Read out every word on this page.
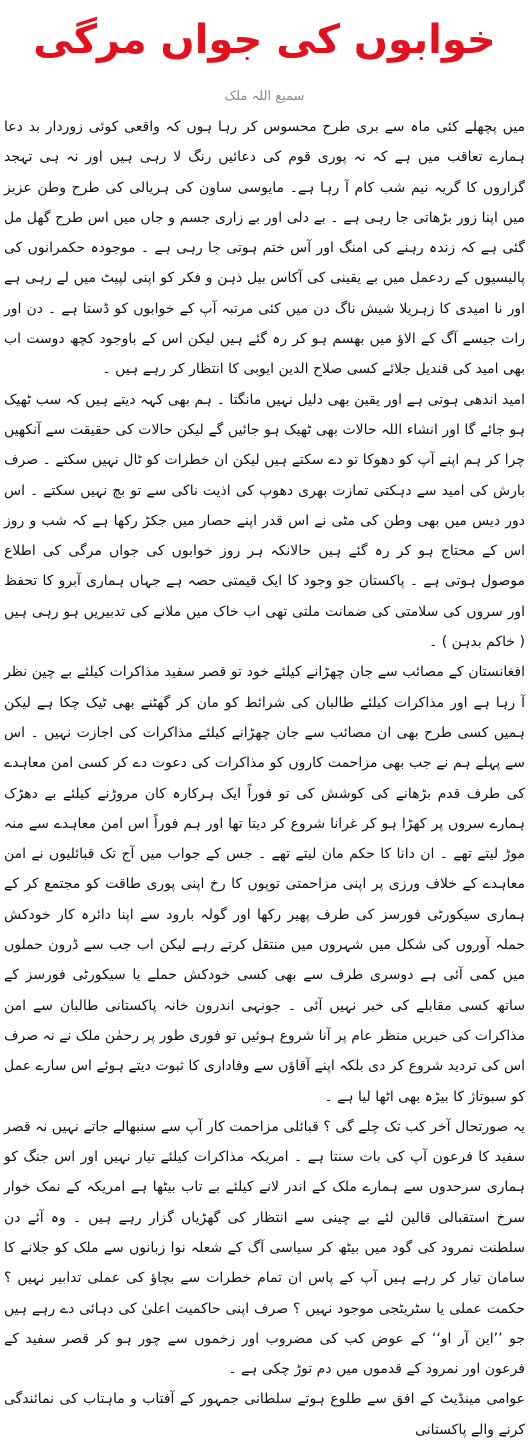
خوابوں کی جواں مرگی
سمیع اللہ ملک

میں پچھلے کئی ماہ سے بری طرح محسوس کر رہا ہوں کہ واقعی کوئی زوردار بد دعا ہمارے تعاقب میں ہے کہ نہ پوری قوم کی دعائیں رنگ لا رہی ہیں اور نہ ہی تہجد گزاروں کا گریہ نیم شب کام آ رہا ہے۔ مایوسی ساون کی ہریالی کی طرح وطن عزیز میں اپنا زور بڑھاتی جا رہی ہے ۔ بے دلی اور بے زاری جسم و جاں میں اس طرح گھل مل گئی ہے کہ زندہ رہنے کی امنگ اور آس ختم ہوتی جا رہی ہے ۔ موجودہ حکمرانوں کی پالیسیوں کے ردعمل میں بے یقینی کی آکاس بیل ذہن و فکر کو اپنی لپیٹ میں لے رہی ہے اور نا امیدی کا زہریلا شیش ناگ دن میں کئی مرتبہ آپ کے خوابوں کو ڈستا ہے ۔ دن اور رات جیسے آگ کے الاؤ میں بھسم ہو کر رہ گئے ہیں لیکن اس کے باوجود کچھ دوست اب بھی امید کی قندیل جلائے کسی صلاح الدین ایوبی کا انتظار کر رہے ہیں ۔

امید اندھی ہوتی ہے اور یقین بھی دلیل نہیں مانگتا ۔ ہم بھی کہہ دیتے ہیں کہ سب ٹھیک ہو جائے گا اور انشاء اللہ حالات بھی ٹھیک ہو جائیں گے لیکن حالات کی حقیقت سے آنکھیں چرا کر ہم اپنے آپ کو دھوکا تو دے سکتے ہیں لیکن ان خطرات کو ٹال نہیں سکتے ۔ صرف بارش کی امید سے دہکتی تمازت بھری دھوپ کی اذیت ناکی سے تو بچ نہیں سکتے ۔ اس دور دیس میں بھی وطن کی مٹی نے اس قدر اپنے حصار میں جکڑ رکھا ہے کہ شب و روز اس کے محتاج ہو کر رہ گئے ہیں حالانکہ ہر روز خوابوں کی جواں مرگی کی اطلاع موصول ہوتی ہے ۔ پاکستان جو وجود کا ایک قیمتی حصہ ہے جہاں ہماری آبرو کا تحفظ اور سروں کی سلامتی کی ضمانت ملتی تھی اب خاک میں ملانے کی تدبیریں ہو رہی ہیں ( خاکم بدہن ) ۔

افغانستان کے مصائب سے جان چھڑانے کیلئے خود تو قصر سفید مذاکرات کیلئے بے چین نظر آ رہا ہے اور مذاکرات کیلئے طالبان کی شرائط کو مان کر گھٹنے بھی ٹیک چکا ہے لیکن ہمیں کسی طرح بھی ان مصائب سے جان چھڑانے کیلئے مذاکرات کی اجازت نہیں ۔ اس سے پہلے ہم نے جب بھی مزاحمت کاروں کو مذاکرات کی دعوت دے کر کسی امن معاہدے کی طرف قدم بڑھانے کی کوشش کی تو فوراً ایک ہرکارہ کان مروڑنے کیلئے بے دھڑک ہمارے سروں پر کھڑا ہو کر غرانا شروع کر دیتا تھا اور ہم فوراً اس امن معاہدے سے منہ موڑ لیتے تھے ۔ ان دانا کا حکم مان لیتے تھے ۔ جس کے جواب میں آج تک قبائلیوں نے امن معاہدے کے خلاف ورزی پر اپنی مزاحمتی توپوں کا رخ اپنی پوری طاقت کو مجتمع کر کے ہماری سیکورٹی فورسز کی طرف پھیر رکھا اور گولہ بارود سے اپنا دائرہ کار خودکش حملہ آوروں کی شکل میں شہروں میں منتقل کرتے رہے لیکن اب جب سے ڈرون حملوں میں کمی آئی ہے دوسری طرف سے بھی کسی خودکش حملے یا سیکورٹی فورسز کے ساتھ کسی مقابلے کی خبر نہیں آئی ۔ جونہی اندرون خانہ پاکستانی طالبان سے امن مذاکرات کی خبریں منظر عام پر آنا شروع ہوئیں تو فوری طور پر رحمٰن ملک نے نہ صرف اس کی تردید شروع کر دی بلکہ اپنے آقاؤں سے وفاداری کا ثبوت دیتے ہوئے اس سارے عمل کو سبوتاژ کا بیڑہ بھی اٹھا لیا ہے ۔

یہ صورتحال آخر کب تک چلے گی ؟ قبائلی مزاحمت کار آپ سے سنبھالے جاتے نہیں نہ قصر سفید کا فرعون آپ کی بات سنتا ہے ۔ امریکہ مذاکرات کیلئے تیار نہیں اور اس جنگ کو ہماری سرحدوں سے ہمارے ملک کے اندر لانے کیلئے بے تاب بیٹھا ہے امریکہ کے نمک خوار سرخ استقبالی قالین لئے بے چینی سے انتظار کی گھڑیاں گزار رہے ہیں ۔ وہ آئے دن سلطنت نمرود کی گود میں بیٹھ کر سیاسی آگ کے شعلہ نوا زبانوں سے ملک کو جلانے کا سامان تیار کر رہے ہیں آپ کے پاس ان تمام خطرات سے بچاؤ کی عملی تدابیر نہیں ؟ حکمت عملی یا سٹریٹجی موجود نہیں ؟ صرف اپنی حاکمیت اعلیٰ کی دہائی دے رہے ہیں جو ’’این آر او‘‘ کے عوض کب کی مضروب اور زخموں سے چور ہو کر قصر سفید کے فرعون اور نمرود کے قدموں میں دم توڑ چکی ہے ۔

عوامی مینڈیٹ کے افق سے طلوع ہوتے سلطانی جمہور کے آفتاب و ماہتاب کی نمائندگی کرنے والے پاکستانی
